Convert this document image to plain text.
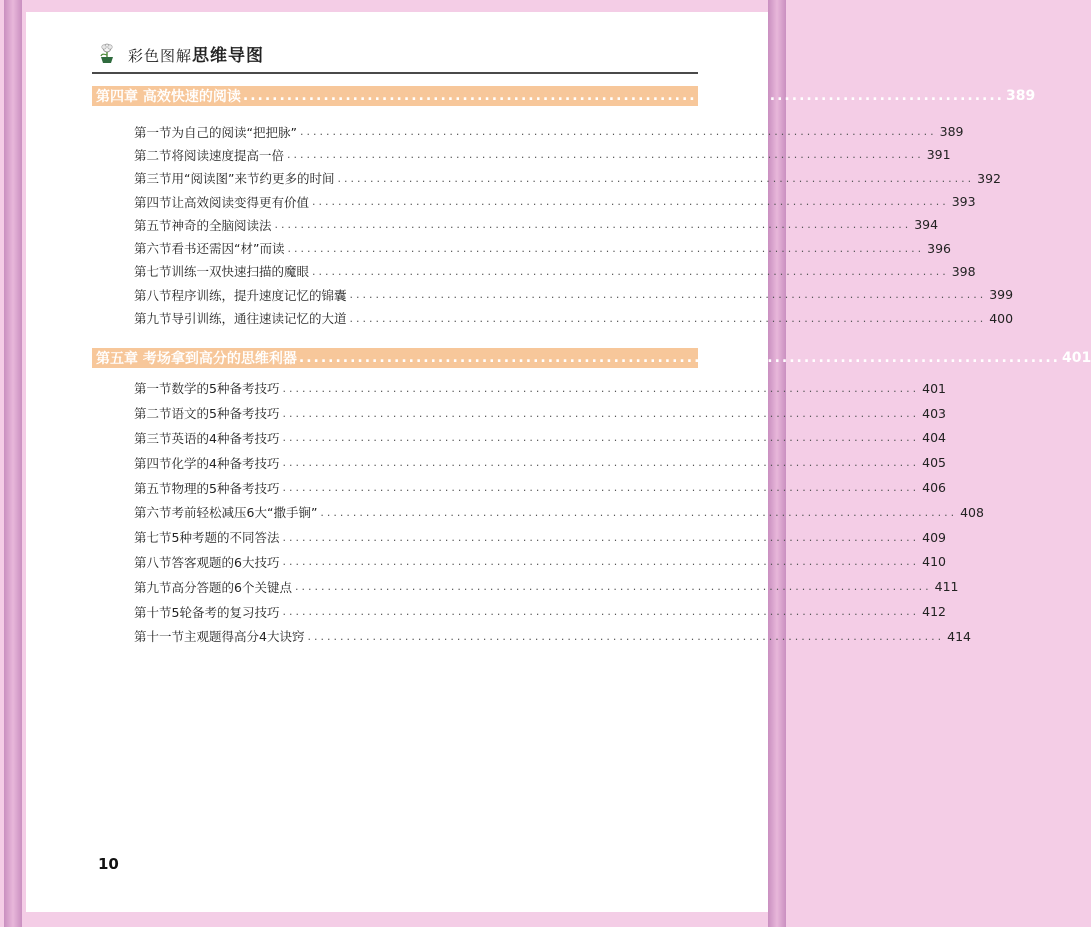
彩色图解思维导图
第四章 高效快速的阅读 ........................................................................................................ 389
第一节 为自己的阅读“把把脉” .................................................................................................. 389
第二节 将阅读速度提高一倍 .................................................................................................. 391
第三节 用“阅读图”来节约更多的时间 .................................................................................................. 392
第四节 让高效阅读变得更有价值 .................................................................................................. 393
第五节 神奇的全脑阅读法 .................................................................................................. 394
第六节 看书还需因“材”而读 .................................................................................................. 396
第七节 训练一双快速扫描的魔眼 .................................................................................................. 398
第八节 程序训练，提升速度记忆的锦囊 .................................................................................................. 399
第九节 导引训练，通往速读记忆的大道 .................................................................................................. 400
第五章 考场拿到高分的思维利器 ........................................................................................................ 401
第一节 数学的5种备考技巧 .................................................................................................. 401
第二节 语文的5种备考技巧 .................................................................................................. 403
第三节 英语的4种备考技巧 .................................................................................................. 404
第四节 化学的4种备考技巧 .................................................................................................. 405
第五节 物理的5种备考技巧 .................................................................................................. 406
第六节 考前轻松减压6大“撒手锏” .................................................................................................. 408
第七节 5种考题的不同答法 .................................................................................................. 409
第八节 答客观题的6大技巧 .................................................................................................. 410
第九节 高分答题的6个关键点 .................................................................................................. 411
第十节 5轮备考的复习技巧 .................................................................................................. 412
第十一节 主观题得高分4大诀窍 .................................................................................................. 414
10
